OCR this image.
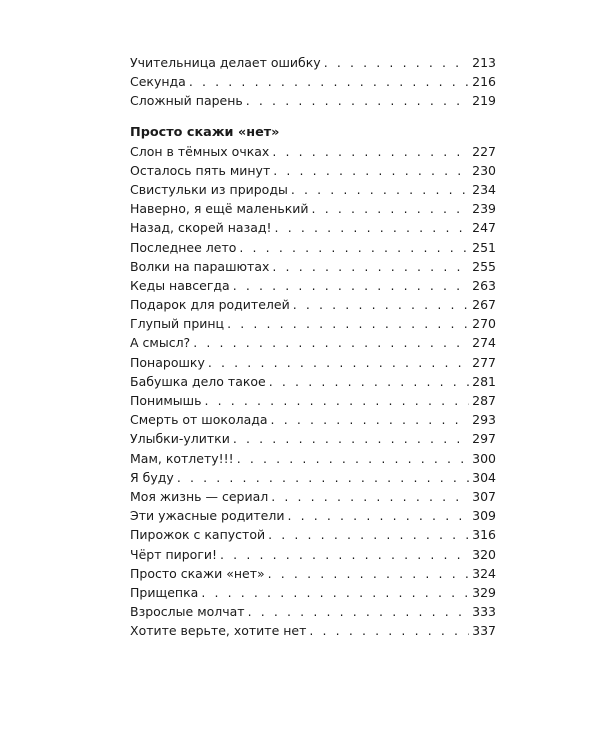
Учительница делает ошибку . . .	213
Секунда . . .	216
Сложный парень . . .	219
Просто скажи «нет»
Слон в тёмных очках . . .	227
Осталось пять минут . . .	230
Свистульки из природы . . .	234
Наверно, я ещё маленький . . .	239
Назад, скорей назад! . . .	247
Последнее лето . . .	251
Волки на парашютах . . .	255
Кеды навсегда . . .	263
Подарок для родителей . . .	267
Глупый принц . . .	270
А смысл? . . .	274
Понарошку . . .	277
Бабушка дело такое . . .	281
Понимышь . . .	287
Смерть от шоколада . . .	293
Улыбки-улитки . . .	297
Мам, котлету!!! . . .	300
Я буду . . .	304
Моя жизнь — сериал . . .	307
Эти ужасные родители . . .	309
Пирожок с капустой . . .	316
Чёрт пироги! . . .	320
Просто скажи «нет» . . .	324
Прищепка . . .	329
Взрослые молчат . . .	333
Хотите верьте, хотите нет . . .	337
